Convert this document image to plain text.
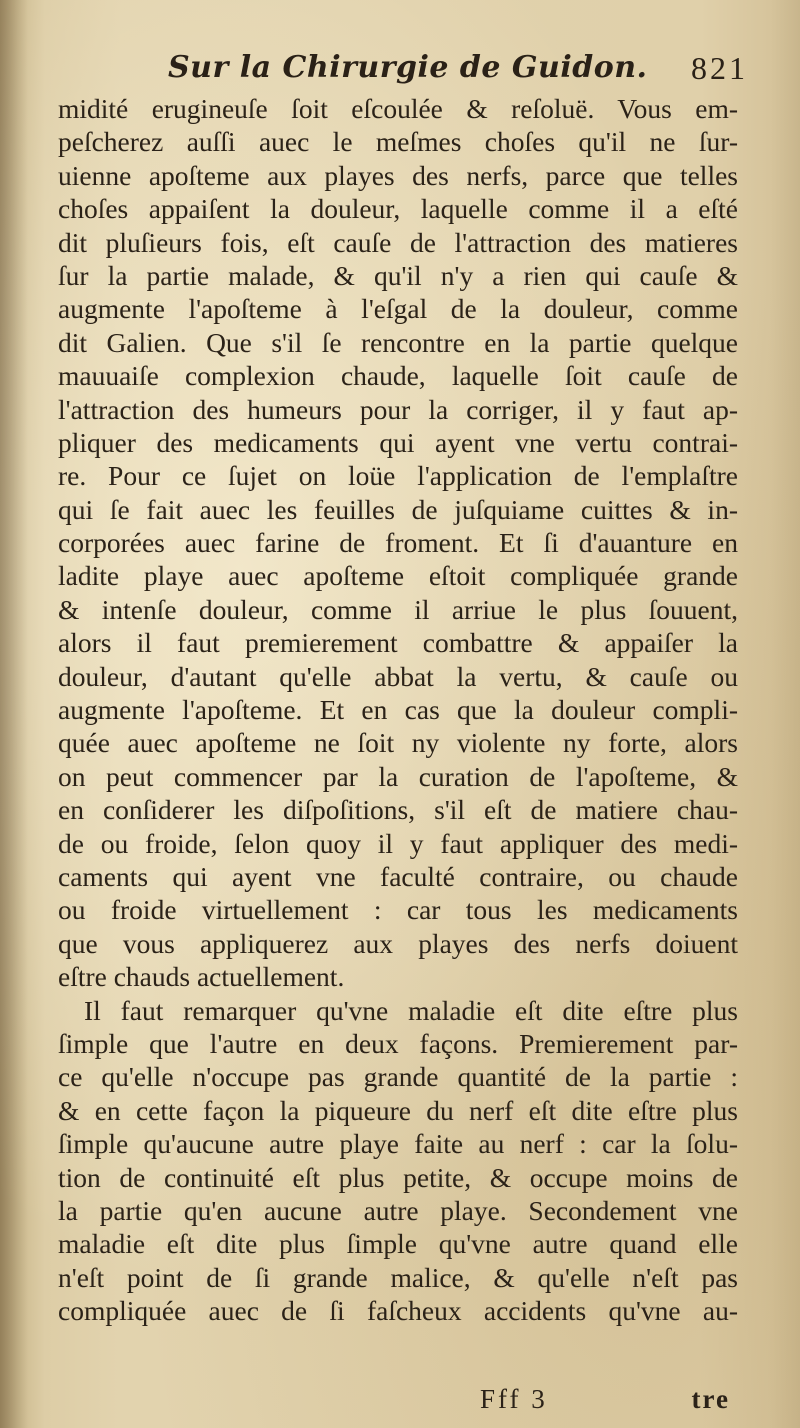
Sur la Chirurgie de Guidon. 821
midité erugineuſe ſoit eſcoulée & reſoluë. Vous em-
peſcherez auſſi auec le meſmes choſes qu'il ne ſur-
uienne apoſteme aux playes des nerfs, parce que telles
choſes appaiſent la douleur, laquelle comme il a eſté
dit pluſieurs fois, eſt cauſe de l'attraction des matieres
ſur la partie malade, & qu'il n'y a rien qui cauſe &
augmente l'apoſteme à l'eſgal de la douleur, comme
dit Galien. Que s'il ſe rencontre en la partie quelque
mauuaiſe complexion chaude, laquelle ſoit cauſe de
l'attraction des humeurs pour la corriger, il y faut ap-
pliquer des medicaments qui ayent vne vertu contrai-
re. Pour ce ſujet on loüe l'application de l'emplaſtre
qui ſe fait auec les feuilles de juſquiame cuittes & in-
corporées auec farine de froment. Et ſi d'auanture en
ladite playe auec apoſteme eſtoit compliquée grande
& intenſe douleur, comme il arriue le plus ſouuent,
alors il faut premierement combattre & appaiſer la
douleur, d'autant qu'elle abbat la vertu, & cauſe ou
augmente l'apoſteme. Et en cas que la douleur compli-
quée auec apoſteme ne ſoit ny violente ny forte, alors
on peut commencer par la curation de l'apoſteme, &
en conſiderer les diſpoſitions, s'il eſt de matiere chau-
de ou froide, ſelon quoy il y faut appliquer des medi-
caments qui ayent vne faculté contraire, ou chaude
ou froide virtuellement : car tous les medicaments
que vous appliquerez aux playes des nerfs doiuent
eſtre chauds actuellement.
Il faut remarquer qu'vne maladie eſt dite eſtre plus
ſimple que l'autre en deux façons. Premierement par-
ce qu'elle n'occupe pas grande quantité de la partie :
& en cette façon la piqueure du nerf eſt dite eſtre plus
ſimple qu'aucune autre playe faite au nerf : car la ſolu-
tion de continuité eſt plus petite, & occupe moins de
la partie qu'en aucune autre playe. Secondement vne
maladie eſt dite plus ſimple qu'vne autre quand elle
n'eſt point de ſi grande malice, & qu'elle n'eſt pas
compliquée auec de ſi faſcheux accidents qu'vne au-
Fff 3	tre
